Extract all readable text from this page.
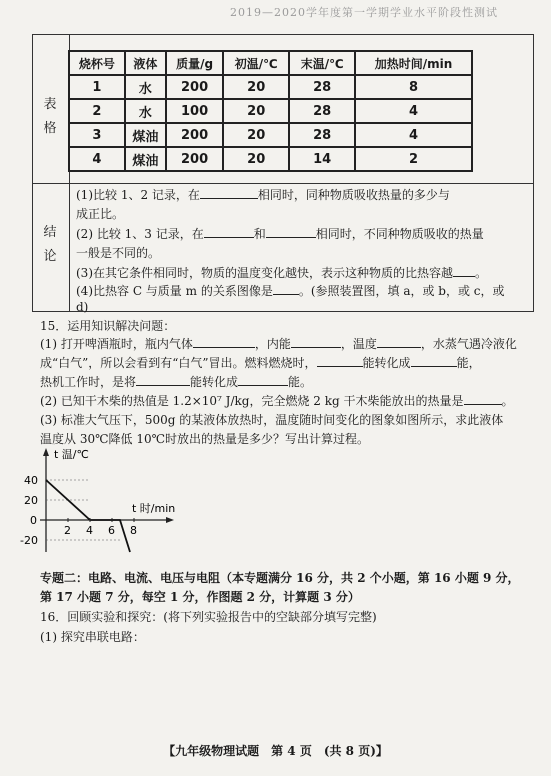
2019—2020学年度第一学期学业水平阶段性测试
表
格
结
论
烧杯号	液体	质量/g	初温/℃	末温/℃	加热时间/min
1	水	200	20	28	8
2	水	100	20	28	4
3	煤油	200	20	28	4
4	煤油	200	20	14	2
(1)比较 1、2 记录，在	相同时，同种物质吸收热量的多少与
成正比。
(2) 比较 1、3 记录，在	和	相同时，不同种物质吸收的热量
一般是不同的。
(3)在其它条件相同时，物质的温度变化越快，表示这种物质的比热容越 。
(4)比热容 C 与质量 m 的关系图像是 。(参照装置图，填 a，或 b，或 c，或
d)
15．运用知识解决问题：
(1) 打开啤酒瓶时，瓶内气体	，内能	，温度	，水蒸气遇冷液化
成“白气”，所以会看到有“白气”冒出。燃料燃烧时，	能转化成	能，
热机工作时，是将	能转化成	能。
(2) 已知干木柴的热值是 1.2×10⁷ J/kg，完全燃烧 2 kg 干木柴能放出的热量是	。
(3) 标准大气压下，500g 的某液体放热时，温度随时间变化的图象如图所示，求此液体
温度从 30℃降低 10℃时放出的热量是多少？写出计算过程。
t 温/℃
t 时/min
40
20
0
-20
2 4 6 8
专题二：电路、电流、电压与电阻（本专题满分 16 分，共 2 个小题，第 16 小题 9 分，
第 17 小题 7 分，每空 1 分，作图题 2 分，计算题 3 分）
16．回顾实验和探究：(将下列实验报告中的空缺部分填写完整)
(1) 探究串联电路：
【九年级物理试题　第 4 页　(共 8 页)】
